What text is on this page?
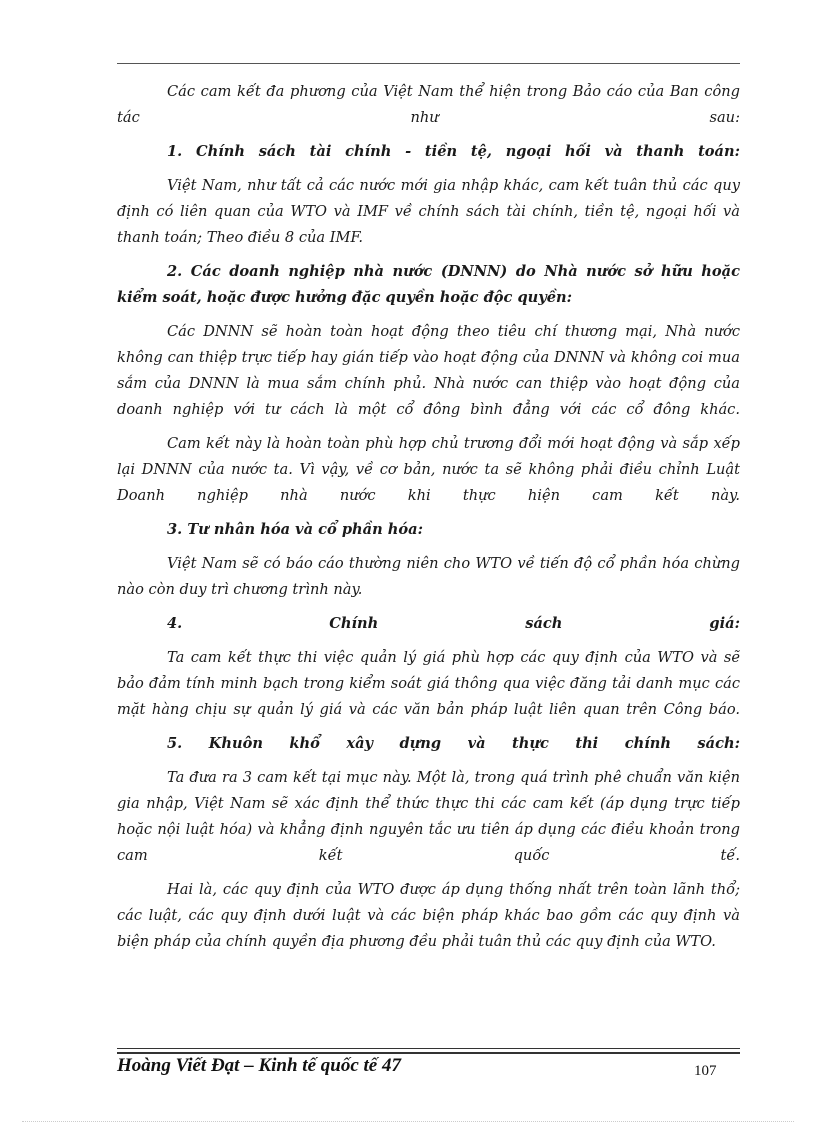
Các cam kết đa phương của Việt Nam thể hiện trong Bảo cáo của Ban công tác như sau:

1. Chính sách tài chính - tiền tệ, ngoại hối và thanh toán:

Việt Nam, như tất cả các nước mới gia nhập khác, cam kết tuân thủ các quy định có liên quan của WTO và IMF về chính sách tài chính, tiền tệ, ngoại hối và thanh toán; Theo điều 8 của IMF.

2. Các doanh nghiệp nhà nước (DNNN) do Nhà nước sở hữu hoặc kiểm soát, hoặc được hưởng đặc quyền hoặc độc quyền:

Các DNNN sẽ hoàn toàn hoạt động theo tiêu chí thương mại, Nhà nước không can thiệp trực tiếp hay gián tiếp vào hoạt động của DNNN và không coi mua sắm của DNNN là mua sắm chính phủ. Nhà nước can thiệp vào hoạt động của doanh nghiệp với tư cách là một cổ đông bình đẳng với các cổ đông khác.

Cam kết này là hoàn toàn phù hợp chủ trương đổi mới hoạt động và sắp xếp lại DNNN của nước ta. Vì vậy, về cơ bản, nước ta sẽ không phải điều chỉnh Luật Doanh nghiệp nhà nước khi thực hiện cam kết này.

3. Tư nhân hóa và cổ phần hóa:

Việt Nam sẽ có báo cáo thường niên cho WTO về tiến độ cổ phần hóa chừng nào còn duy trì chương trình này.

4. Chính sách giá:

Ta cam kết thực thi việc quản lý giá phù hợp các quy định của WTO và sẽ bảo đảm tính minh bạch trong kiểm soát giá thông qua việc đăng tải danh mục các mặt hàng chịu sự quản lý giá và các văn bản pháp luật liên quan trên Công báo.

5. Khuôn khổ xây dựng và thực thi chính sách:

Ta đưa ra 3 cam kết tại mục này. Một là, trong quá trình phê chuẩn văn kiện gia nhập, Việt Nam sẽ xác định thể thức thực thi các cam kết (áp dụng trực tiếp hoặc nội luật hóa) và khẳng định nguyên tắc ưu tiên áp dụng các điều khoản trong cam kết quốc tế.

Hai là, các quy định của WTO được áp dụng thống nhất trên toàn lãnh thổ; các luật, các quy định dưới luật và các biện pháp khác bao gồm các quy định và biện pháp của chính quyền địa phương đều phải tuân thủ các quy định của WTO.

Hoàng Viết Đạt – Kinh tế quốc tế 47	107
